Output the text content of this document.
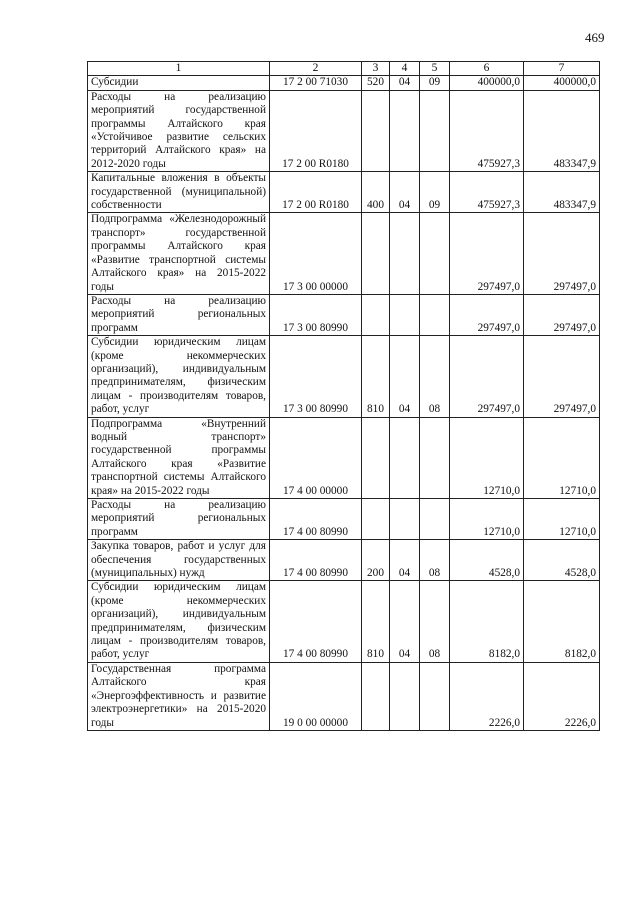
469
1	2	3	4	5	6	7
Субсидии	17 2 00 71030	520	04	09	400000,0	400000,0
Расходы на реализацию мероприятий государственной программы Алтайского края «Устойчивое развитие сельских территорий Алтайского края» на 2012-2020 годы	17 2 00 R0180				475927,3	483347,9
Капитальные вложения в объекты государственной (муниципальной) собственности	17 2 00 R0180	400	04	09	475927,3	483347,9
Подпрограмма «Железнодорожный транспорт» государственной программы Алтайского края «Развитие транспортной системы Алтайского края» на 2015-2022 годы	17 3 00 00000				297497,0	297497,0
Расходы на реализацию мероприятий региональных программ	17 3 00 80990				297497,0	297497,0
Субсидии юридическим лицам (кроме некоммерческих организаций), индивидуальным предпринимателям, физическим лицам - производителям товаров, работ, услуг	17 3 00 80990	810	04	08	297497,0	297497,0
Подпрограмма «Внутренний водный транспорт» государственной программы Алтайского края «Развитие транспортной системы Алтайского края» на 2015-2022 годы	17 4 00 00000				12710,0	12710,0
Расходы на реализацию мероприятий региональных программ	17 4 00 80990				12710,0	12710,0
Закупка товаров, работ и услуг для обеспечения государственных (муниципальных) нужд	17 4 00 80990	200	04	08	4528,0	4528,0
Субсидии юридическим лицам (кроме некоммерческих организаций), индивидуальным предпринимателям, физическим лицам - производителям товаров, работ, услуг	17 4 00 80990	810	04	08	8182,0	8182,0
Государственная программа Алтайского края «Энергоэффективность и развитие электроэнергетики» на 2015-2020 годы	19 0 00 00000				2226,0	2226,0
